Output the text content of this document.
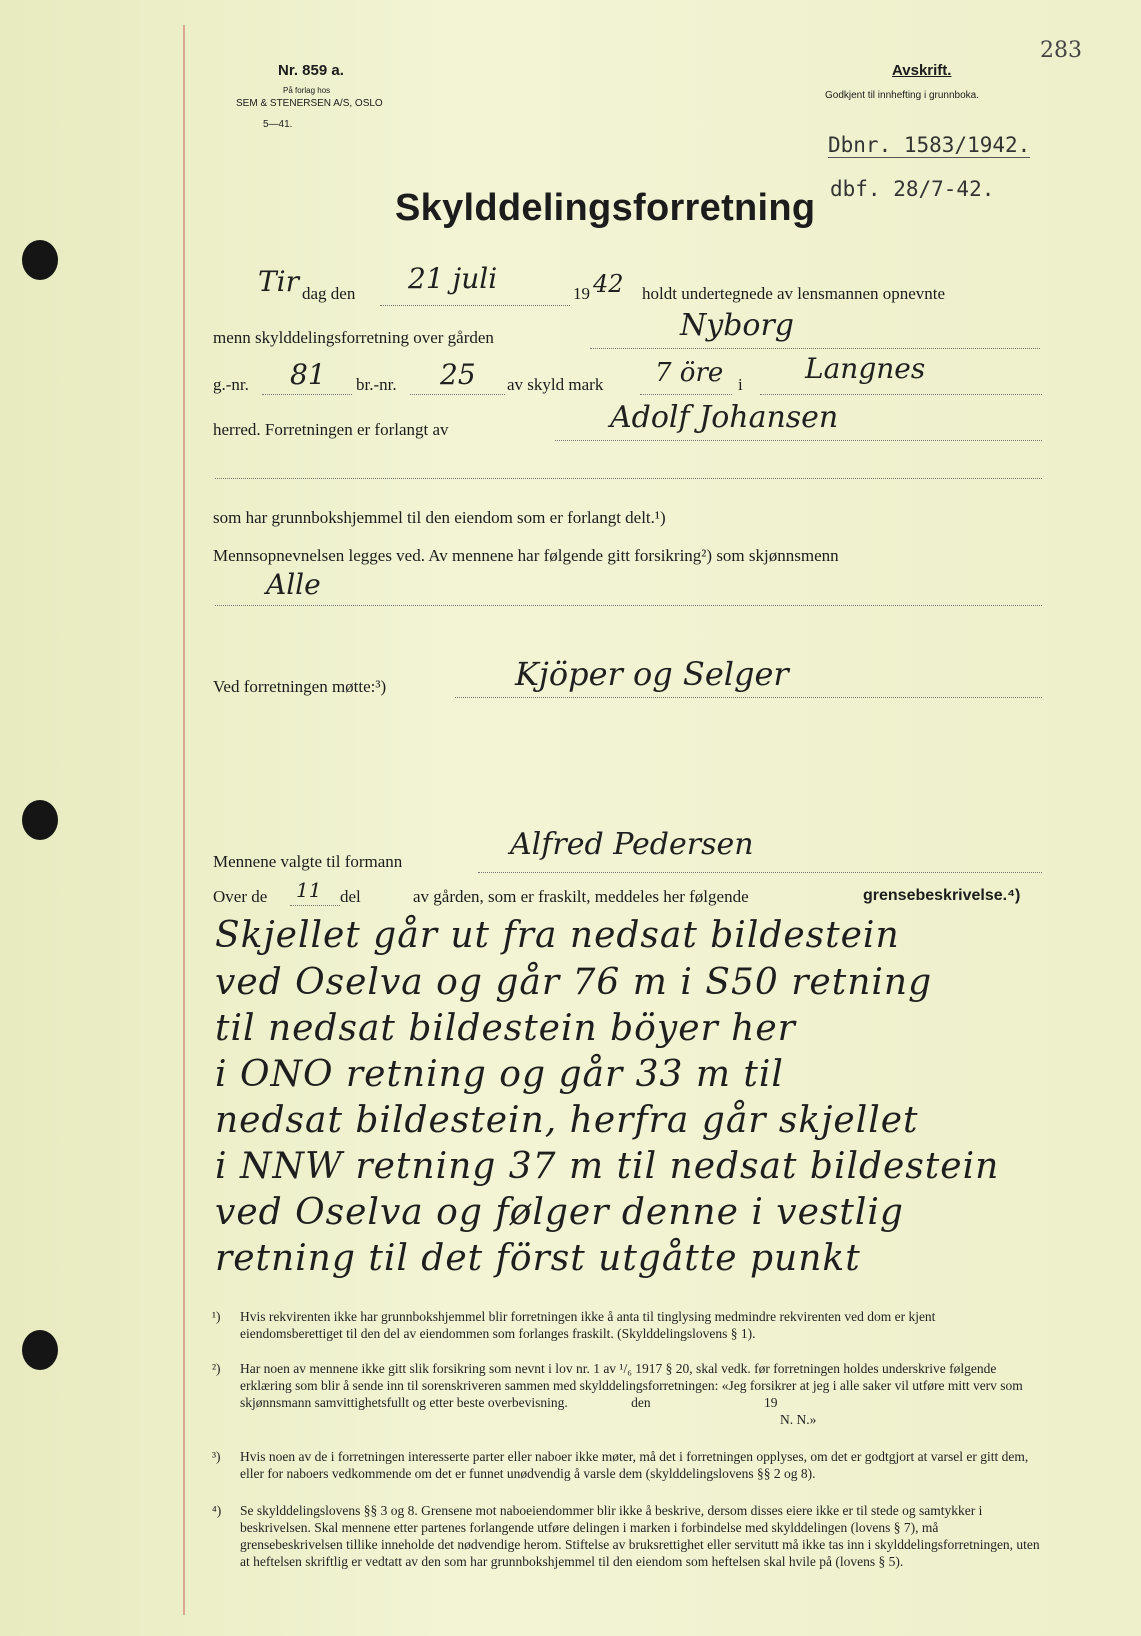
283
Nr. 859 a.
På forlag hos
SEM & STENERSEN A/S, OSLO
5—41.
Avskrift.
Godkjent til innhefting i grunnboka.
Dbnr. 1583/1942.
dbf. 28/7-42.
Skylddelingsforretning
Tir dag den 21 juli	19 42 holdt undertegnede av lensmannen opnevnte
menn skylddelingsforretning over gården	Nyborg
g.-nr. 81 br.-nr. 25 av skyld mark 7 öre i Langnes
herred. Forretningen er forlangt av	Adolf Johansen
som har grunnbokshjemmel til den eiendom som er forlangt delt.¹)
Mennsopnevnelsen legges ved. Av mennene har følgende gitt forsikring²) som skjønnsmenn
Alle
Ved forretningen møtte:³)	Kjöper og Selger
Mennene valgte til formann	Alfred Pedersen
Over de 11 del	av gården, som er fraskilt, meddeles her følgende	grensebeskrivelse.⁴)
Skjellet går ut fra nedsat bildestein
ved Oselva og går 76 m i S50 retning
til nedsat bildestein böyer her
i ONO retning og går 33 m til
nedsat bildestein, herfra går skjellet
i NNW retning 37 m til nedsat bildestein
ved Oselva og følger denne i vestlig
retning til det först utgåtte punkt
¹) Hvis rekvirenten ikke har grunnbokshjemmel blir forretningen ikke å anta til tinglysing medmindre rekvirenten ved dom er kjent eiendomsberettiget til den del av eiendommen som forlanges fraskilt. (Skylddelingslovens § 1).
²) Har noen av mennene ikke gitt slik forsikring som nevnt i lov nr. 1 av ¹/₆ 1917 § 20, skal vedk. før forretningen holdes underskrive følgende erklæring som blir å sende inn til sorenskriveren sammen med skylddelingsforretningen: «Jeg forsikrer at jeg i alle saker vil utføre mitt verv som skjønnsmann samvittighetsfullt og etter beste overbevisning.	den	19
N. N.»
³) Hvis noen av de i forretningen interesserte parter eller naboer ikke møter, må det i forretningen opplyses, om det er godtgjort at varsel er gitt dem, eller for naboers vedkommende om det er funnet unødvendig å varsle dem (skylddelingslovens §§ 2 og 8).
⁴) Se skylddelingslovens §§ 3 og 8. Grensene mot naboeiendommer blir ikke å beskrive, dersom disses eiere ikke er til stede og samtykker i beskrivelsen. Skal mennene etter partenes forlangende utføre delingen i marken i forbindelse med skylddelingen (lovens § 7), må grensebeskrivelsen tillike inneholde det nødvendige herom. Stiftelse av bruksrettighet eller servitutt må ikke tas inn i skylddelingsforretningen, uten at heftelsen skriftlig er vedtatt av den som har grunnbokshjemmel til den eiendom som heftelsen skal hvile på (lovens § 5).
